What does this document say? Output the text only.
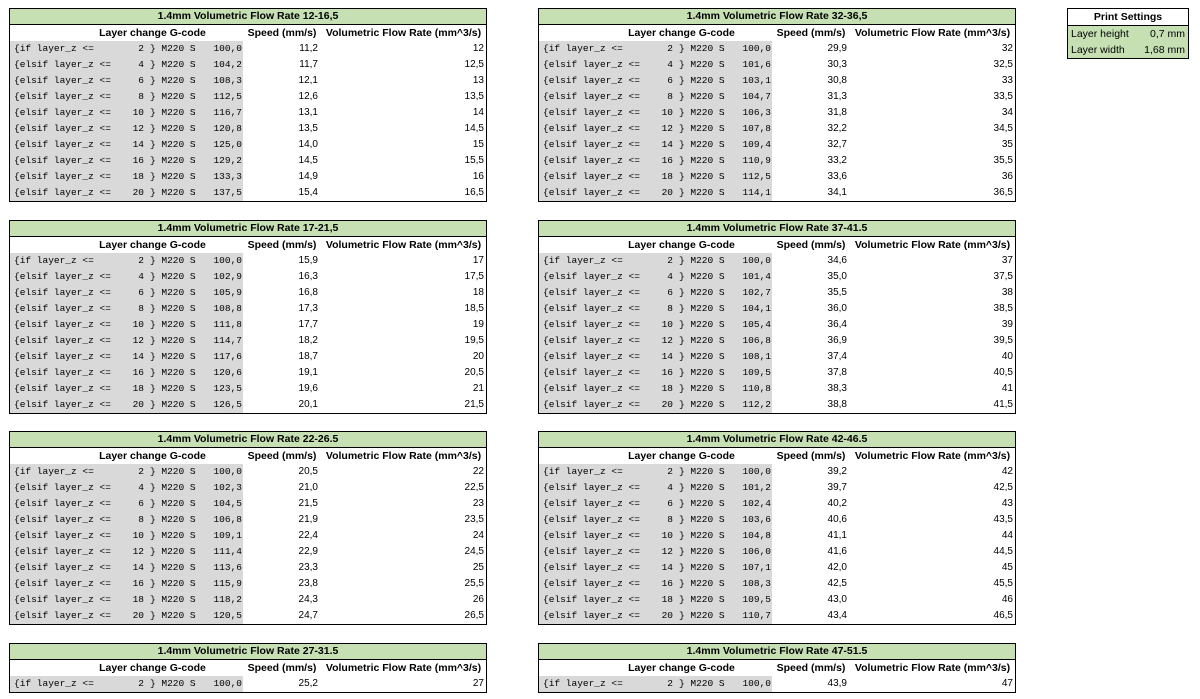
1.4mm Volumetric Flow Rate 12-16,5
Layer change G-code	Speed (mm/s) Volumetric Flow Rate (mm^3/s)
{if layer_z <=	2 } M220 S	100,0	11,2	12
{elsif layer_z <=	4 } M220 S	104,2	11,7	12,5
{elsif layer_z <=	6 } M220 S	108,3	12,1	13
{elsif layer_z <=	8 } M220 S	112,5	12,6	13,5
{elsif layer_z <=	10 } M220 S	116,7	13,1	14
{elsif layer_z <=	12 } M220 S	120,8	13,5	14,5
{elsif layer_z <=	14 } M220 S	125,0	14,0	15
{elsif layer_z <=	16 } M220 S	129,2	14,5	15,5
{elsif layer_z <=	18 } M220 S	133,3	14,9	16
{elsif layer_z <=	20 } M220 S	137,5	15,4	16,5
1.4mm Volumetric Flow Rate 32-36,5
Layer change G-code	Speed (mm/s) Volumetric Flow Rate (mm^3/s)
{if layer_z <=	2 } M220 S	100,0	29,9	32
{elsif layer_z <=	4 } M220 S	101,6	30,3	32,5
{elsif layer_z <=	6 } M220 S	103,1	30,8	33
{elsif layer_z <=	8 } M220 S	104,7	31,3	33,5
{elsif layer_z <=	10 } M220 S	106,3	31,8	34
{elsif layer_z <=	12 } M220 S	107,8	32,2	34,5
{elsif layer_z <=	14 } M220 S	109,4	32,7	35
{elsif layer_z <=	16 } M220 S	110,9	33,2	35,5
{elsif layer_z <=	18 } M220 S	112,5	33,6	36
{elsif layer_z <=	20 } M220 S	114,1	34,1	36,5
1.4mm Volumetric Flow Rate 17-21,5
Layer change G-code	Speed (mm/s) Volumetric Flow Rate (mm^3/s)
{if layer_z <=	2 } M220 S	100,0	15,9	17
{elsif layer_z <=	4 } M220 S	102,9	16,3	17,5
{elsif layer_z <=	6 } M220 S	105,9	16,8	18
{elsif layer_z <=	8 } M220 S	108,8	17,3	18,5
{elsif layer_z <=	10 } M220 S	111,8	17,7	19
{elsif layer_z <=	12 } M220 S	114,7	18,2	19,5
{elsif layer_z <=	14 } M220 S	117,6	18,7	20
{elsif layer_z <=	16 } M220 S	120,6	19,1	20,5
{elsif layer_z <=	18 } M220 S	123,5	19,6	21
{elsif layer_z <=	20 } M220 S	126,5	20,1	21,5
1.4mm Volumetric Flow Rate 37-41.5
Layer change G-code	Speed (mm/s) Volumetric Flow Rate (mm^3/s)
{if layer_z <=	2 } M220 S	100,0	34,6	37
{elsif layer_z <=	4 } M220 S	101,4	35,0	37,5
{elsif layer_z <=	6 } M220 S	102,7	35,5	38
{elsif layer_z <=	8 } M220 S	104,1	36,0	38,5
{elsif layer_z <=	10 } M220 S	105,4	36,4	39
{elsif layer_z <=	12 } M220 S	106,8	36,9	39,5
{elsif layer_z <=	14 } M220 S	108,1	37,4	40
{elsif layer_z <=	16 } M220 S	109,5	37,8	40,5
{elsif layer_z <=	18 } M220 S	110,8	38,3	41
{elsif layer_z <=	20 } M220 S	112,2	38,8	41,5
1.4mm Volumetric Flow Rate 22-26.5
Layer change G-code	Speed (mm/s) Volumetric Flow Rate (mm^3/s)
{if layer_z <=	2 } M220 S	100,0	20,5	22
{elsif layer_z <=	4 } M220 S	102,3	21,0	22,5
{elsif layer_z <=	6 } M220 S	104,5	21,5	23
{elsif layer_z <=	8 } M220 S	106,8	21,9	23,5
{elsif layer_z <=	10 } M220 S	109,1	22,4	24
{elsif layer_z <=	12 } M220 S	111,4	22,9	24,5
{elsif layer_z <=	14 } M220 S	113,6	23,3	25
{elsif layer_z <=	16 } M220 S	115,9	23,8	25,5
{elsif layer_z <=	18 } M220 S	118,2	24,3	26
{elsif layer_z <=	20 } M220 S	120,5	24,7	26,5
1.4mm Volumetric Flow Rate 42-46.5
Layer change G-code	Speed (mm/s) Volumetric Flow Rate (mm^3/s)
{if layer_z <=	2 } M220 S	100,0	39,2	42
{elsif layer_z <=	4 } M220 S	101,2	39,7	42,5
{elsif layer_z <=	6 } M220 S	102,4	40,2	43
{elsif layer_z <=	8 } M220 S	103,6	40,6	43,5
{elsif layer_z <=	10 } M220 S	104,8	41,1	44
{elsif layer_z <=	12 } M220 S	106,0	41,6	44,5
{elsif layer_z <=	14 } M220 S	107,1	42,0	45
{elsif layer_z <=	16 } M220 S	108,3	42,5	45,5
{elsif layer_z <=	18 } M220 S	109,5	43,0	46
{elsif layer_z <=	20 } M220 S	110,7	43,4	46,5
1.4mm Volumetric Flow Rate 27-31.5
Layer change G-code	Speed (mm/s) Volumetric Flow Rate (mm^3/s)
{if layer_z <=	2 } M220 S	100,0	25,2	27
1.4mm Volumetric Flow Rate 47-51.5
Layer change G-code	Speed (mm/s) Volumetric Flow Rate (mm^3/s)
{if layer_z <=	2 } M220 S	100,0	43,9	47
Print Settings
Layer height 0,7 mm
Layer width 1,68 mm
